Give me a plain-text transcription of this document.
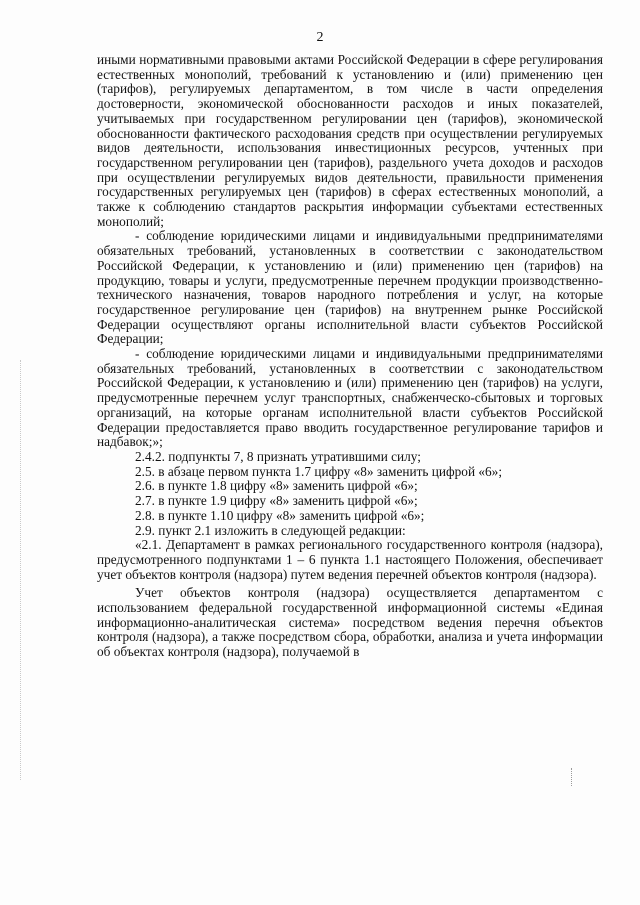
2

иными нормативными правовыми актами Российской Федерации в сфере регулирования естественных монополий, требований к установлению и (или) применению цен (тарифов), регулируемых департаментом, в том числе в части определения достоверности, экономической обоснованности расходов и иных показателей, учитываемых при государственном регулировании цен (тарифов), экономической обоснованности фактического расходования средств при осуществлении регулируемых видов деятельности, использования инвестиционных ресурсов, учтенных при государственном регулировании цен (тарифов), раздельного учета доходов и расходов при осуществлении регулируемых видов деятельности, правильности применения государственных регулируемых цен (тарифов) в сферах естественных монополий, а также к соблюдению стандартов раскрытия информации субъектами естественных монополий;

- соблюдение юридическими лицами и индивидуальными предпринимателями обязательных требований, установленных в соответствии с законодательством Российской Федерации, к установлению и (или) применению цен (тарифов) на продукцию, товары и услуги, предусмотренные перечнем продукции производственно-технического назначения, товаров народного потребления и услуг, на которые государственное регулирование цен (тарифов) на внутреннем рынке Российской Федерации осуществляют органы исполнительной власти субъектов Российской Федерации;

- соблюдение юридическими лицами и индивидуальными предпринимателями обязательных требований, установленных в соответствии с законодательством Российской Федерации, к установлению и (или) применению цен (тарифов) на услуги, предусмотренные перечнем услуг транспортных, снабженческо-сбытовых и торговых организаций, на которые органам исполнительной власти субъектов Российской Федерации предоставляется право вводить государственное регулирование тарифов и надбавок;»;

2.4.2. подпункты 7, 8 признать утратившими силу;

2.5. в абзаце первом пункта 1.7 цифру «8» заменить цифрой «6»;

2.6. в пункте 1.8 цифру «8» заменить цифрой «6»;

2.7. в пункте 1.9 цифру «8» заменить цифрой «6»;

2.8. в пункте 1.10 цифру «8» заменить цифрой «6»;

2.9. пункт 2.1 изложить в следующей редакции:

«2.1. Департамент в рамках регионального государственного контроля (надзора), предусмотренного подпунктами 1 – 6 пункта 1.1 настоящего Положения, обеспечивает учет объектов контроля (надзора) путем ведения перечней объектов контроля (надзора).

Учет объектов контроля (надзора) осуществляется департаментом с использованием федеральной государственной информационной системы «Единая информационно-аналитическая система» посредством ведения перечня объектов контроля (надзора), а также посредством сбора, обработки, анализа и учета информации об объектах контроля (надзора), получаемой в
